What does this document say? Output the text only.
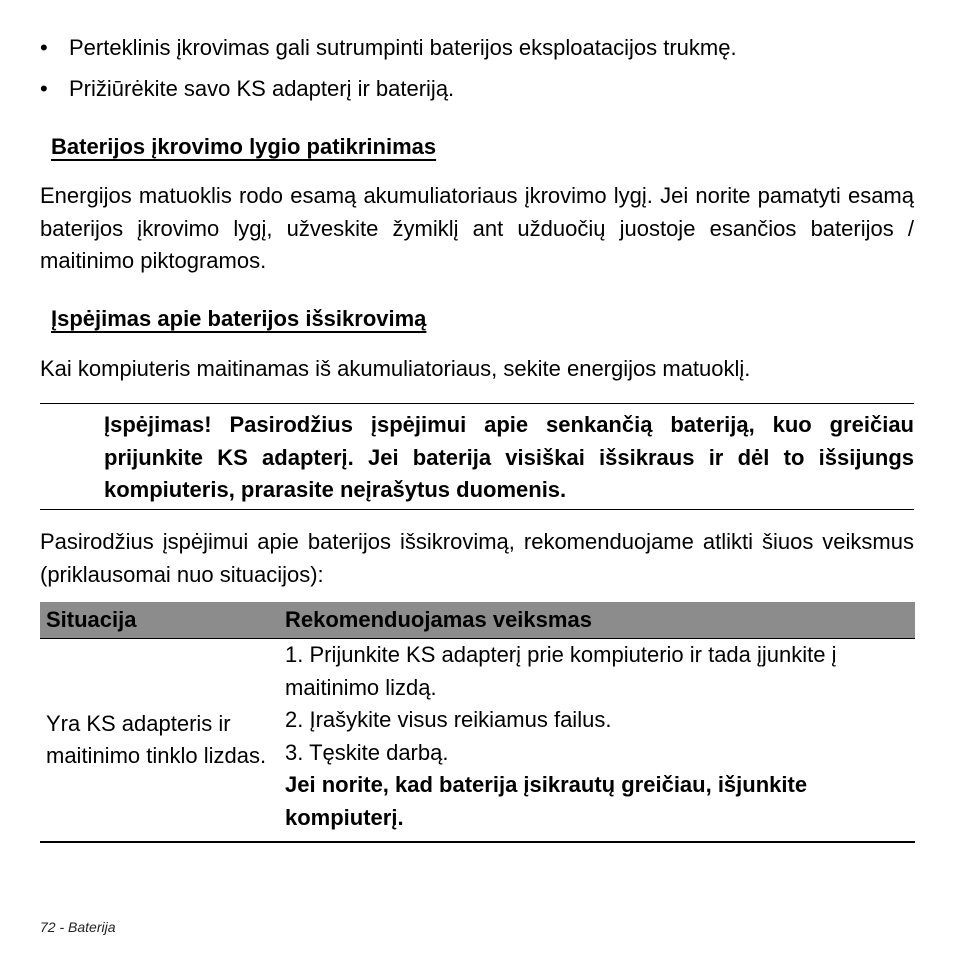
• Perteklinis įkrovimas gali sutrumpinti baterijos eksploatacijos trukmę.
• Prižiūrėkite savo KS adapterį ir bateriją.
Baterijos įkrovimo lygio patikrinimas

Energijos matuoklis rodo esamą akumuliatoriaus įkrovimo lygį. Jei norite pamatyti esamą baterijos įkrovimo lygį, užveskite žymiklį ant užduočių juostoje esančios baterijos / maitinimo piktogramos.

Įspėjimas apie baterijos išsikrovimą

Kai kompiuteris maitinamas iš akumuliatoriaus, sekite energijos matuoklį.

Įspėjimas! Pasirodžius įspėjimui apie senkančią bateriją, kuo greičiau prijunkite KS adapterį. Jei baterija visiškai išsikraus ir dėl to išsijungs kompiuteris, prarasite neįrašytus duomenis.

Pasirodžius įspėjimui apie baterijos išsikrovimą, rekomenduojame atlikti šiuos veiksmus (priklausomai nuo situacijos):

Situacija	Rekomenduojamas veiksmas
Yra KS adapteris ir maitinimo tinklo lizdas.	1. Prijunkite KS adapterį prie kompiuterio ir tada įjunkite į maitinimo lizdą.
2. Įrašykite visus reikiamus failus.
3. Tęskite darbą.
Jei norite, kad baterija įsikrautų greičiau, išjunkite kompiuterį.
72 - Baterija
